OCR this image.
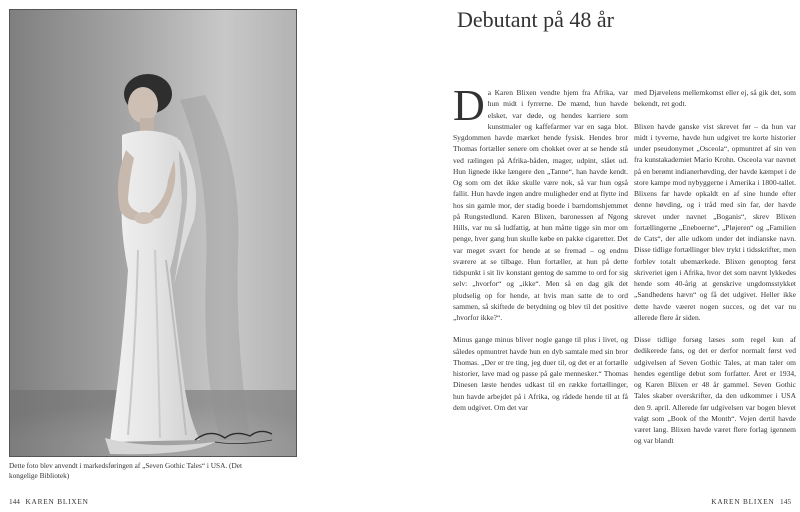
Dette foto blev anvendt i markedsføringen af „Seven Gothic Tales“ i USA. (Det kongelige Bibliotek)
144 KAREN BLIXEN
Debutant på 48 år

Da Karen Blixen vendte hjem fra Afrika, var hun midt i fyrrerne. De mænd, hun havde elsket, var døde, og hendes karriere som kunstmaler og kaffefarmer var en saga blot. Sygdommen havde mærket hende fysisk. Hendes bror Thomas fortæller senere om chokket over at se hende stå ved rælingen på Afrika-båden, mager, udpint, slået ud. Hun lignede ikke længere den „Tanne“, han havde kendt. Og som om det ikke skulle være nok, så var hun også fallit. Hun havde ingen andre muligheder end at flytte ind hos sin gamle mor, der stadig boede i barndomshjemmet på Rungstedlund. Karen Blixen, baronessen af Ngong Hills, var nu så ludfattig, at hun måtte tigge sin mor om penge, hver gang hun skulle købe en pakke cigaretter. Det var meget svært for hende at se fremad – og endnu sværere at se tilbage. Hun fortæller, at hun på dette tidspunkt i sit liv konstant gentog de samme to ord for sig selv: „hvorfor“ og „ikke“. Men så en dag gik det pludselig op for hende, at hvis man satte de to ord sammen, så skiftede de betydning og blev til det positive „hvorfor ikke?“.

Minus gange minus bliver nogle gange til plus i livet, og således opmuntret havde hun en dyb samtale med sin bror Thomas. „Der er tre ting, jeg duer til, og det er at fortælle historier, lave mad og passe på gale mennesker.“ Thomas Dinesen læste hendes udkast til en række fortællinger, hun havde arbejdet på i Afrika, og rådede hende til at få dem udgivet. Om det var

med Djævelens mellemkomst eller ej, så gik det, som bekendt, ret godt.

Blixen havde ganske vist skrevet før – da hun var midt i tyverne, havde hun udgivet tre korte historier under pseudonymet „Osceola“, opmuntret af sin ven fra kunstakademiet Mario Krohn. Osceola var navnet på en berømt indianerhøvding, der havde kæmpet i de store kampe mod nybyggerne i Amerika i 1800-tallet. Blixens far havde opkaldt en af sine hunde efter denne høvding, og i tråd med sin far, der havde skrevet under navnet „Boganis“, skrev Blixen fortællingerne „Eneboerne“, „Pløjeren“ og „Familien de Cats“, der alle udkom under det indianske navn. Disse tidlige fortællinger blev trykt i tidsskrifter, men forblev totalt ubemærkede. Blixen genoptog først skriveriet igen i Afrika, hvor det som nævnt lykkedes hende som 40-årig at genskrive ungdomsstykket „Sandhedens hævn“ og få det udgivet. Heller ikke dette havde væeret nogen succes, og det var nu allerede flere år siden.

Disse tidlige forsøg læses som regel kun af dedikerede fans, og det er derfor normalt først ved udgivelsen af Seven Gothic Tales, at man taler om hendes egentlige debut som forfatter. Året er 1934, og Karen Blixen er 48 år gammel. Seven Gothic Tales skaber overskrifter, da den udkommer i USA den 9. april. Allerede før udgivelsen var bogen blevet valgt som „Book of the Month“. Vejen dertil havde været lang. Blixen havde været flere forlag igennem og var blandt

KAREN BLIXEN 145
